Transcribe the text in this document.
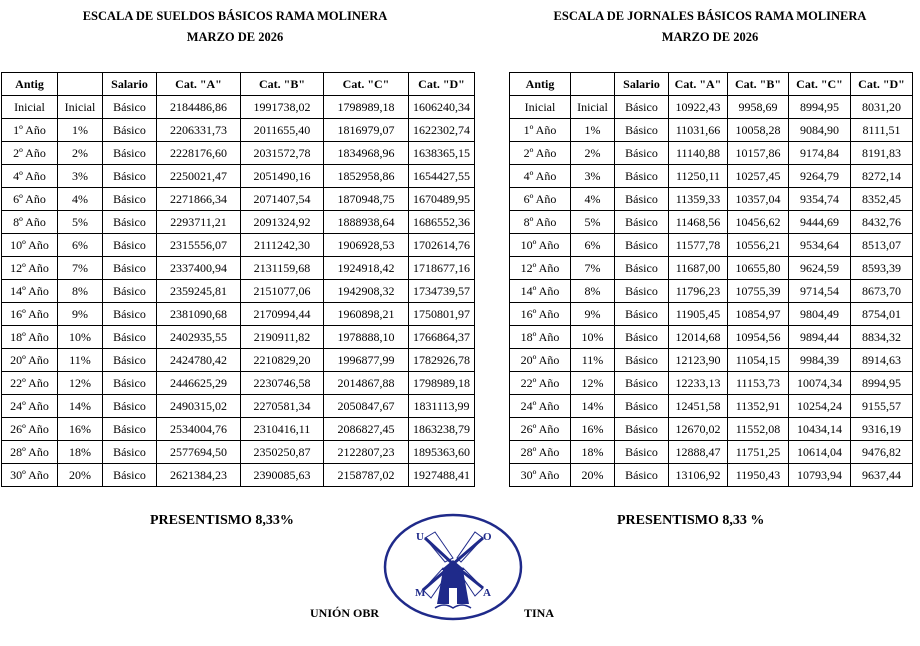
ESCALA DE SUELDOS BÁSICOS RAMA MOLINERA
MARZO DE 2026
ESCALA DE JORNALES BÁSICOS RAMA MOLINERA
MARZO DE 2026
Antig		Salario	Cat. "A"	Cat. "B"	Cat. "C"	Cat. "D"
Inicial	Inicial	Básico	2184486,86	1991738,02	1798989,18	1606240,34
1º Año	1%	Básico	2206331,73	2011655,40	1816979,07	1622302,74
2º Año	2%	Básico	2228176,60	2031572,78	1834968,96	1638365,15
4º Año	3%	Básico	2250021,47	2051490,16	1852958,86	1654427,55
6º Año	4%	Básico	2271866,34	2071407,54	1870948,75	1670489,95
8º Año	5%	Básico	2293711,21	2091324,92	1888938,64	1686552,36
10º Año	6%	Básico	2315556,07	2111242,30	1906928,53	1702614,76
12º Año	7%	Básico	2337400,94	2131159,68	1924918,42	1718677,16
14º Año	8%	Básico	2359245,81	2151077,06	1942908,32	1734739,57
16º Año	9%	Básico	2381090,68	2170994,44	1960898,21	1750801,97
18º Año	10%	Básico	2402935,55	2190911,82	1978888,10	1766864,37
20º Año	11%	Básico	2424780,42	2210829,20	1996877,99	1782926,78
22º Año	12%	Básico	2446625,29	2230746,58	2014867,88	1798989,18
24º Año	14%	Básico	2490315,02	2270581,34	2050847,67	1831113,99
26º Año	16%	Básico	2534004,76	2310416,11	2086827,45	1863238,79
28º Año	18%	Básico	2577694,50	2350250,87	2122807,23	1895363,60
30º Año	20%	Básico	2621384,23	2390085,63	2158787,02	1927488,41
Antig		Salario	Cat. "A"	Cat. "B"	Cat. "C"	Cat. "D"
Inicial	Inicial	Básico	10922,43	9958,69	8994,95	8031,20
1º Año	1%	Básico	11031,66	10058,28	9084,90	8111,51
2º Año	2%	Básico	11140,88	10157,86	9174,84	8191,83
4º Año	3%	Básico	11250,11	10257,45	9264,79	8272,14
6º Año	4%	Básico	11359,33	10357,04	9354,74	8352,45
8º Año	5%	Básico	11468,56	10456,62	9444,69	8432,76
10º Año	6%	Básico	11577,78	10556,21	9534,64	8513,07
12º Año	7%	Básico	11687,00	10655,80	9624,59	8593,39
14º Año	8%	Básico	11796,23	10755,39	9714,54	8673,70
16º Año	9%	Básico	11905,45	10854,97	9804,49	8754,01
18º Año	10%	Básico	12014,68	10954,56	9894,44	8834,32
20º Año	11%	Básico	12123,90	11054,15	9984,39	8914,63
22º Año	12%	Básico	12233,13	11153,73	10074,34	8994,95
24º Año	14%	Básico	12451,58	11352,91	10254,24	9155,57
26º Año	16%	Básico	12670,02	11552,08	10434,14	9316,19
28º Año	18%	Básico	12888,47	11751,25	10614,04	9476,82
30º Año	20%	Básico	13106,92	11950,43	10793,94	9637,44
PRESENTISMO 8,33%	PRESENTISMO 8,33 %
UNIÓN OBR	TINA
U	O
M	A
